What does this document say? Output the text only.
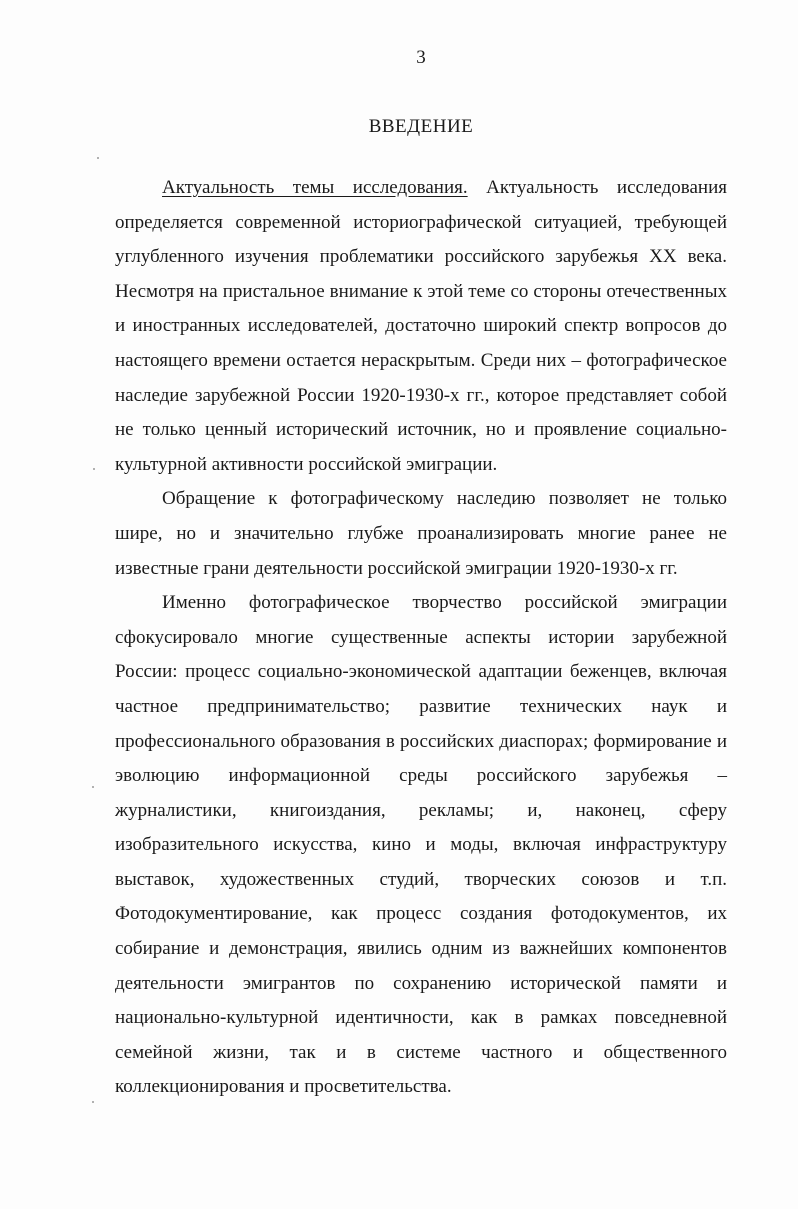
3
ВВЕДЕНИЕ

Актуальность темы исследования. Актуальность исследования
определяется современной историографической ситуацией, требующей
углубленного изучения проблематики российского зарубежья XX века.
Несмотря на пристальное внимание к этой теме со стороны отечественных
и иностранных исследователей, достаточно широкий спектр вопросов до
настоящего времени остается нераскрытым. Среди них – фотографическое
наследие зарубежной России 1920-1930-х гг., которое представляет собой
не только ценный исторический источник, но и проявление социально-
культурной активности российской эмиграции.

Обращение к фотографическому наследию позволяет не только
шире, но и значительно глубже проанализировать многие ранее не
известные грани деятельности российской эмиграции 1920-1930-х гг.

Именно фотографическое творчество российской эмиграции
сфокусировало многие существенные аспекты истории зарубежной
России: процесс социально-экономической адаптации беженцев, включая
частное предпринимательство; развитие технических наук и
профессионального образования в российских диаспорах; формирование и
эволюцию информационной среды российского зарубежья –
журналистики, книгоиздания, рекламы; и, наконец, сферу
изобразительного искусства, кино и моды, включая инфраструктуру
выставок, художественных студий, творческих союзов и т.п.
Фотодокументирование, как процесс создания фотодокументов, их
собирание и демонстрация, явились одним из важнейших компонентов
деятельности эмигрантов по сохранению исторической памяти и
национально-культурной идентичности, как в рамках повседневной
семейной жизни, так и в системе частного и общественного
коллекционирования и просветительства.
